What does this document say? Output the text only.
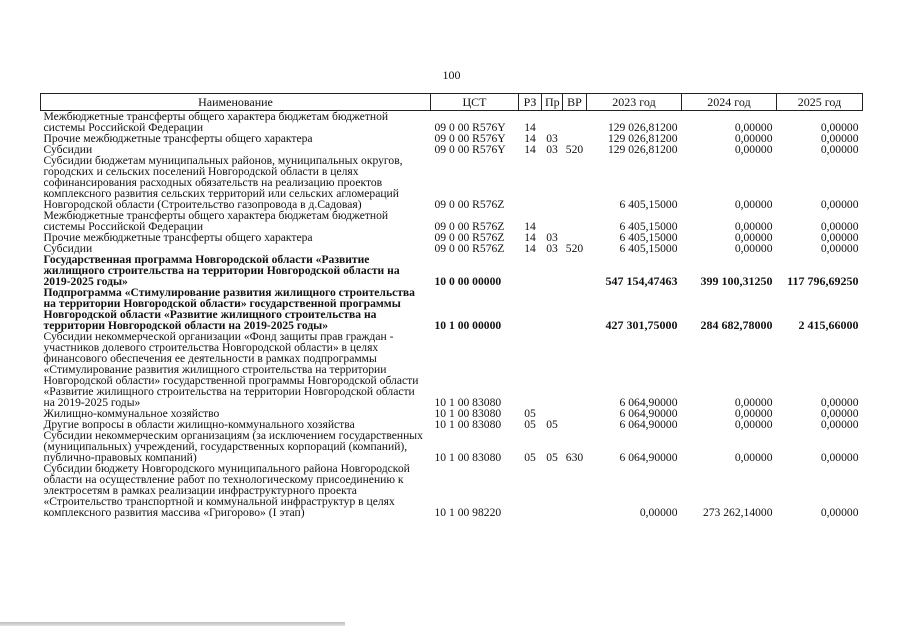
100
Наименование	ЦСТ	РЗ	Пр	ВР	2023 год	2024 год	2025 год
Межбюджетные трансферты общего характера бюджетам бюджетной системы Российской Федерации	09 0 00 R576Y	14			129 026,81200	0,00000	0,00000
Прочие межбюджетные трансферты общего характера	09 0 00 R576Y	14	03		129 026,81200	0,00000	0,00000
Субсидии	09 0 00 R576Y	14	03	520	129 026,81200	0,00000	0,00000
Субсидии бюджетам муниципальных районов, муниципальных округов, городских и сельских поселений Новгородской области в целях софинансирования расходных обязательств на реализацию проектов комплексного развития сельских территорий или сельских агломераций Новгородской области (Строительство газопровода в д.Садовая)	09 0 00 R576Z				6 405,15000	0,00000	0,00000
Межбюджетные трансферты общего характера бюджетам бюджетной системы Российской Федерации	09 0 00 R576Z	14			6 405,15000	0,00000	0,00000
Прочие межбюджетные трансферты общего характера	09 0 00 R576Z	14	03		6 405,15000	0,00000	0,00000
Субсидии	09 0 00 R576Z	14	03	520	6 405,15000	0,00000	0,00000
Государственная программа Новгородской области «Развитие жилищного строительства на территории Новгородской области на 2019-2025 годы»	10 0 00 00000				547 154,47463	399 100,31250	117 796,69250
Подпрограмма «Стимулирование развития жилищного строительства на территории Новгородской области» государственной программы Новгородской области «Развитие жилищного строительства на территории Новгородской области на 2019-2025 годы»	10 1 00 00000				427 301,75000	284 682,78000	2 415,66000
Субсидии некоммерческой организации «Фонд защиты прав граждан - участников долевого строительства Новгородской области» в целях финансового обеспечения ее деятельности в рамках подпрограммы «Стимулирование развития жилищного строительства на территории Новгородской области» государственной программы Новгородской области «Развитие жилищного строительства на территории Новгородской области на 2019-2025 годы»	10 1 00 83080				6 064,90000	0,00000	0,00000
Жилищно-коммунальное хозяйство	10 1 00 83080	05			6 064,90000	0,00000	0,00000
Другие вопросы в области жилищно-коммунального хозяйства	10 1 00 83080	05	05		6 064,90000	0,00000	0,00000
Субсидии некоммерческим организациям (за исключением государственных (муниципальных) учреждений, государственных корпораций (компаний), публично-правовых компаний)	10 1 00 83080	05	05	630	6 064,90000	0,00000	0,00000
Субсидии бюджету Новгородского муниципального района Новгородской области на осуществление работ по технологическому присоединению к электросетям в рамках реализации инфраструктурного проекта «Строительство транспортной и коммунальной инфраструктур в целях комплексного развития массива «Григорово» (I этап)	10 1 00 98220				0,00000	273 262,14000	0,00000
